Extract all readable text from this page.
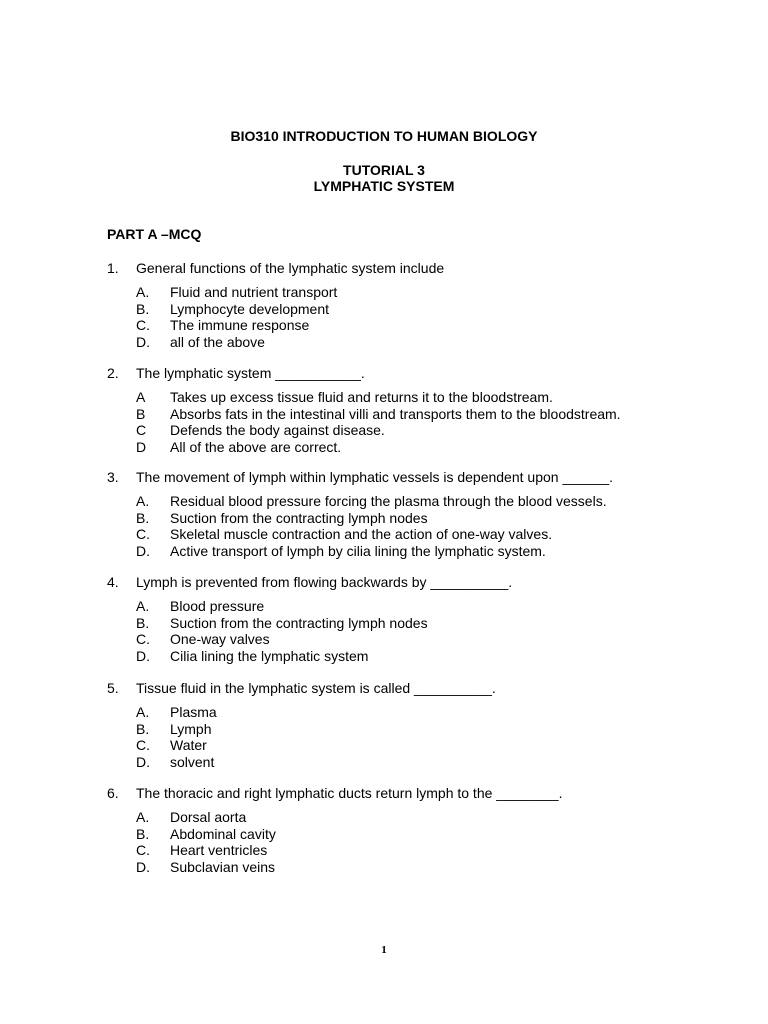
BIO310 INTRODUCTION TO HUMAN BIOLOGY
TUTORIAL 3
LYMPHATIC SYSTEM
PART A –MCQ
1. General functions of the lymphatic system include
A. Fluid and nutrient transport
B. Lymphocyte development
C. The immune response
D. all of the above
2. The lymphatic system ___________.
A Takes up excess tissue fluid and returns it to the bloodstream.
B Absorbs fats in the intestinal villi and transports them to the bloodstream.
C Defends the body against disease.
D All of the above are correct.
3. The movement of lymph within lymphatic vessels is dependent upon ______.
A. Residual blood pressure forcing the plasma through the blood vessels.
B. Suction from the contracting lymph nodes
C. Skeletal muscle contraction and the action of one-way valves.
D. Active transport of lymph by cilia lining the lymphatic system.
4. Lymph is prevented from flowing backwards by __________.
A. Blood pressure
B. Suction from the contracting lymph nodes
C. One-way valves
D. Cilia lining the lymphatic system
5. Tissue fluid in the lymphatic system is called __________.
A. Plasma
B. Lymph
C. Water
D. solvent
6. The thoracic and right lymphatic ducts return lymph to the ________.
A. Dorsal aorta
B. Abdominal cavity
C. Heart ventricles
D. Subclavian veins
1
